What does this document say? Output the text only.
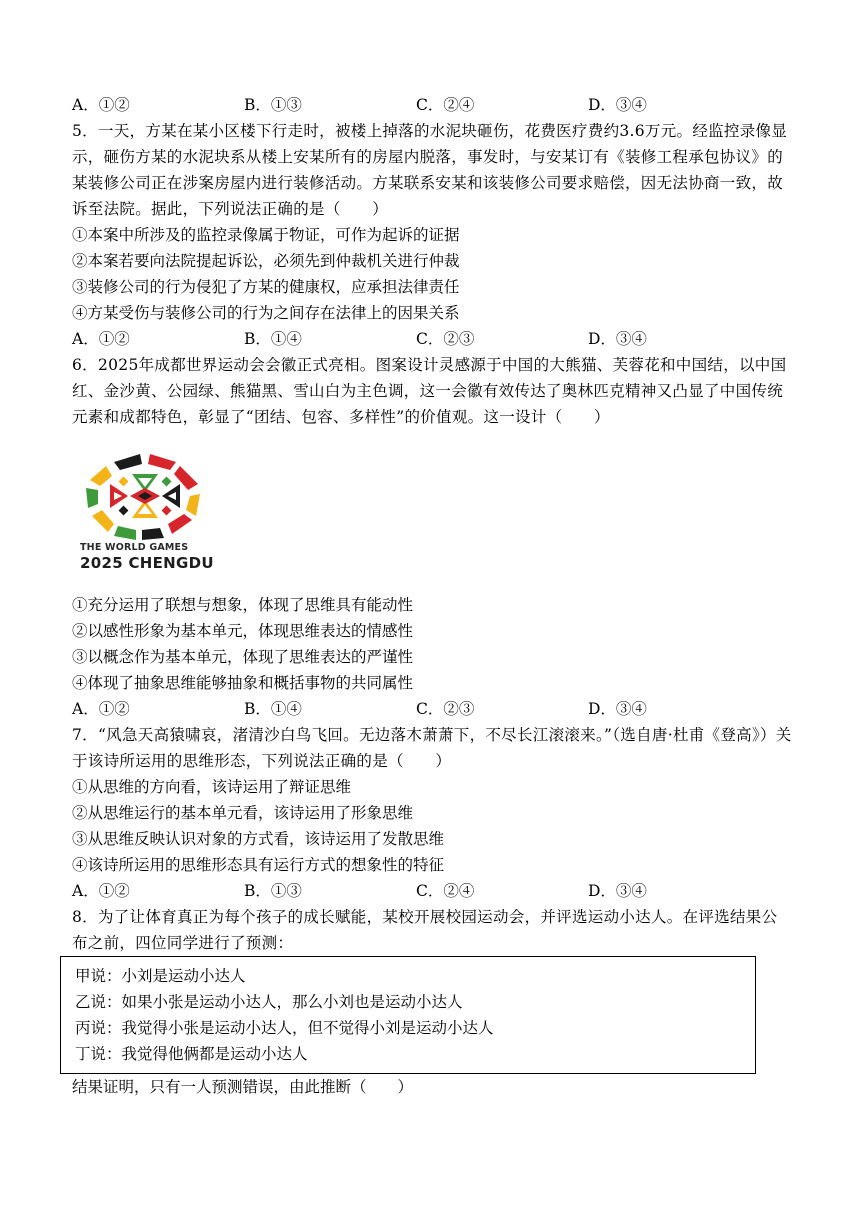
A．①②	B．①③	C．②④	D．③④
5．一天，方某在某小区楼下行走时，被楼上掉落的水泥块砸伤，花费医疗费约3.6万元。经监控录像显示，砸伤方某的水泥块系从楼上安某所有的房屋内脱落，事发时，与安某订有《装修工程承包协议》的某装修公司正在涉案房屋内进行装修活动。方某联系安某和该装修公司要求赔偿，因无法协商一致，故诉至法院。据此，下列说法正确的是（　　）
①本案中所涉及的监控录像属于物证，可作为起诉的证据
②本案若要向法院提起诉讼，必须先到仲裁机关进行仲裁
③装修公司的行为侵犯了方某的健康权，应承担法律责任
④方某受伤与装修公司的行为之间存在法律上的因果关系
A．①②	B．①④	C．②③	D．③④
6．2025年成都世界运动会会徽正式亮相。图案设计灵感源于中国的大熊猫、芙蓉花和中国结，以中国红、金沙黄、公园绿、熊猫黑、雪山白为主色调，这一会徽有效传达了奥林匹克精神又凸显了中国传统元素和成都特色，彰显了“团结、包容、多样性”的价值观。这一设计（　　）
THE WORLD GAMES
2025 CHENGDU
①充分运用了联想与想象，体现了思维具有能动性
②以感性形象为基本单元，体现思维表达的情感性
③以概念作为基本单元，体现了思维表达的严谨性
④体现了抽象思维能够抽象和概括事物的共同属性
A．①②	B．①④	C．②③	D．③④
7．“风急天高猿啸哀，渚清沙白鸟飞回。无边落木萧萧下，不尽长江滚滚来。”（选自唐·杜甫《登高》）关于该诗所运用的思维形态，下列说法正确的是（　　）
①从思维的方向看，该诗运用了辩证思维
②从思维运行的基本单元看，该诗运用了形象思维
③从思维反映认识对象的方式看，该诗运用了发散思维
④该诗所运用的思维形态具有运行方式的想象性的特征
A．①②	B．①③	C．②④	D．③④
8．为了让体育真正为每个孩子的成长赋能，某校开展校园运动会，并评选运动小达人。在评选结果公布之前，四位同学进行了预测：
甲说：小刘是运动小达人
乙说：如果小张是运动小达人，那么小刘也是运动小达人
丙说：我觉得小张是运动小达人，但不觉得小刘是运动小达人
丁说：我觉得他俩都是运动小达人
结果证明，只有一人预测错误，由此推断（　　）
